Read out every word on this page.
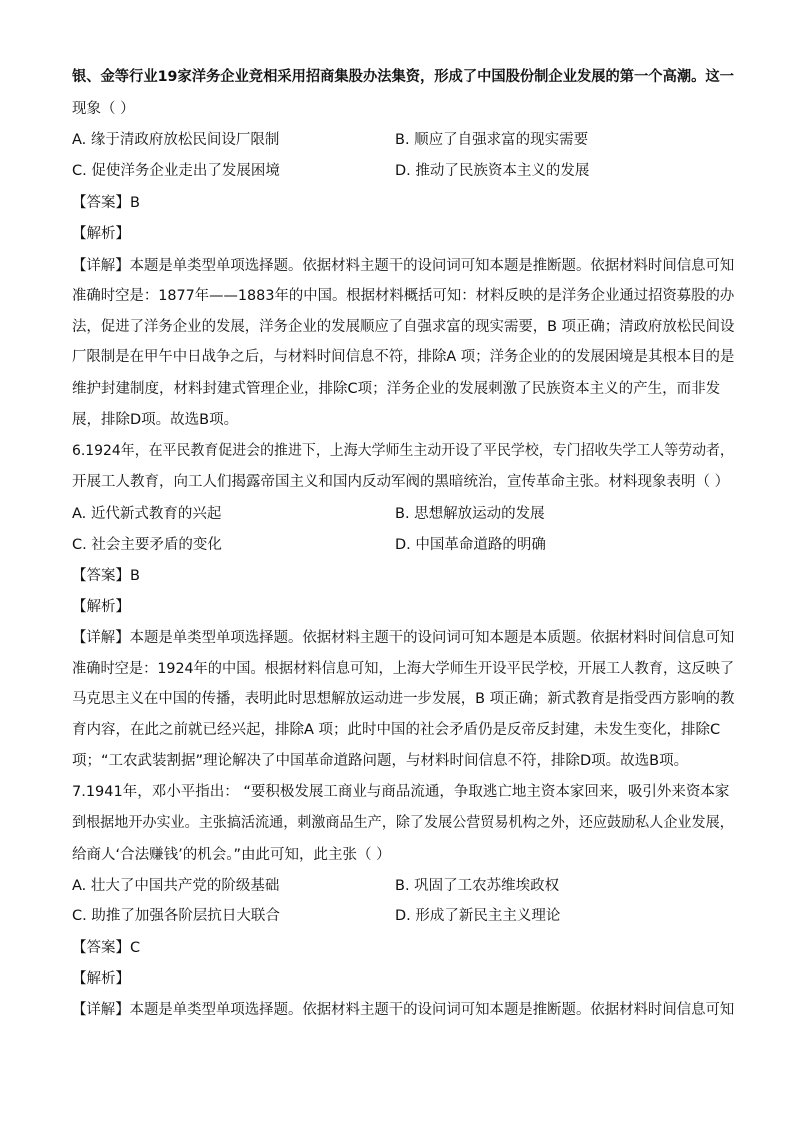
银、金等行业19家洋务企业竞相采用招商集股办法集资，形成了中国股份制企业发展的第一个高潮。这一
现象（ ）
A. 缘于清政府放松民间设厂限制	B. 顺应了自强求富的现实需要
C. 促使洋务企业走出了发展困境	D. 推动了民族资本主义的发展
【答案】B
【解析】
【详解】本题是单类型单项选择题。依据材料主题干的设问词可知本题是推断题。依据材料时间信息可知
准确时空是：1877年——1883年的中国。根据材料概括可知：材料反映的是洋务企业通过招资募股的办
法，促进了洋务企业的发展，洋务企业的发展顺应了自强求富的现实需要，B 项正确；清政府放松民间设
厂限制是在甲午中日战争之后，与材料时间信息不符，排除A 项；洋务企业的的发展困境是其根本目的是
维护封建制度，材料封建式管理企业，排除C项；洋务企业的发展刺激了民族资本主义的产生，而非发
展，排除D项。故选B项。
6.1924年，在平民教育促进会的推进下，上海大学师生主动开设了平民学校，专门招收失学工人等劳动者，
开展工人教育，向工人们揭露帝国主义和国内反动军阀的黑暗统治，宣传革命主张。材料现象表明（ ）
A. 近代新式教育的兴起	B. 思想解放运动的发展
C. 社会主要矛盾的变化	D. 中国革命道路的明确
【答案】B
【解析】
【详解】本题是单类型单项选择题。依据材料主题干的设问词可知本题是本质题。依据材料时间信息可知
准确时空是：1924年的中国。根据材料信息可知，上海大学师生开设平民学校，开展工人教育，这反映了
马克思主义在中国的传播，表明此时思想解放运动进一步发展，B 项正确；新式教育是指受西方影响的教
育内容，在此之前就已经兴起，排除A 项；此时中国的社会矛盾仍是反帝反封建，未发生变化，排除C
项；“工农武装割据”理论解决了中国革命道路问题，与材料时间信息不符，排除D项。故选B项。
7.1941年，邓小平指出： “要积极发展工商业与商品流通，争取逃亡地主资本家回来，吸引外来资本家
到根据地开办实业。主张搞活流通，刺激商品生产，除了发展公营贸易机构之外，还应鼓励私人企业发展，
给商人‘合法赚钱’的机会。”由此可知，此主张（ ）
A. 壮大了中国共产党的阶级基础	B. 巩固了工农苏维埃政权
C. 助推了加强各阶层抗日大联合	D. 形成了新民主主义理论
【答案】C
【解析】
【详解】本题是单类型单项选择题。依据材料主题干的设问词可知本题是推断题。依据材料时间信息可知
